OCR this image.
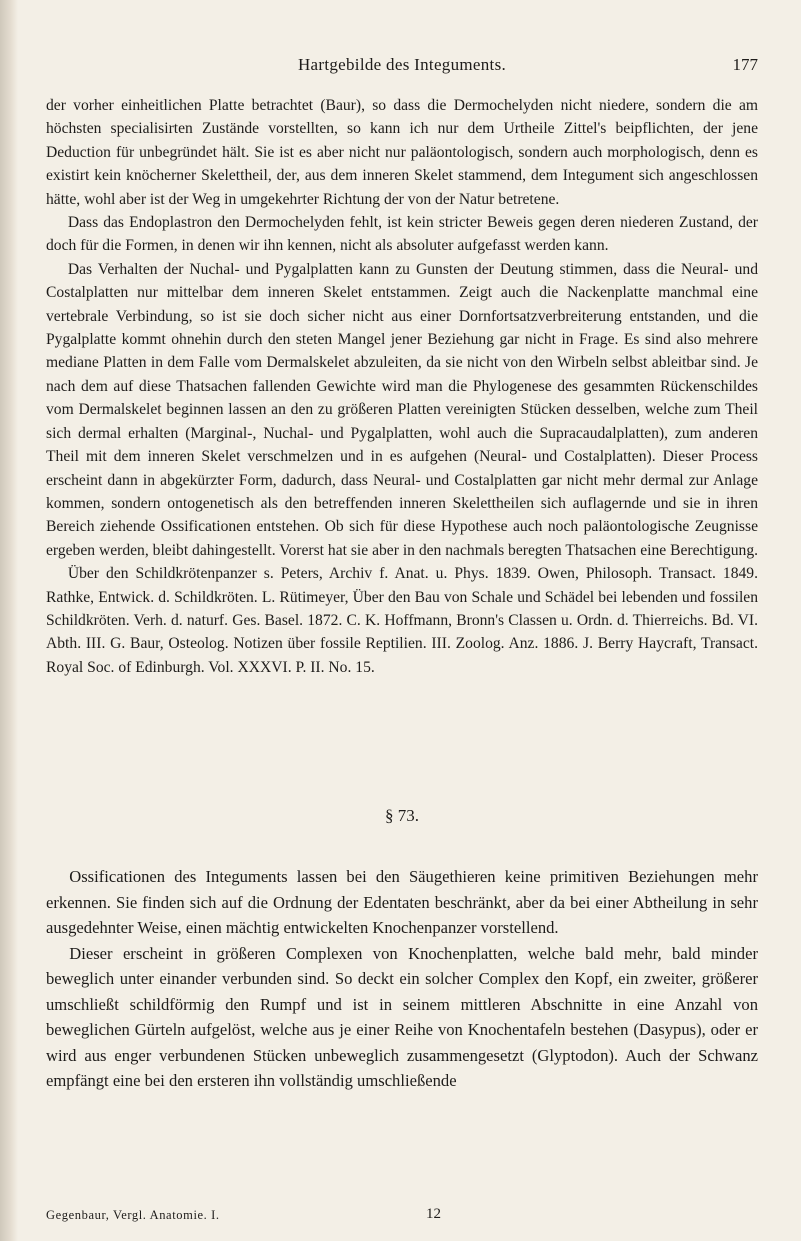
Hartgebilde des Integuments.	177

der vorher einheitlichen Platte betrachtet (Baur), so dass die Dermochelyden nicht niedere, sondern die am höchsten specialisirten Zustände vorstellten, so kann ich nur dem Urtheile Zittel's beipflichten, der jene Deduction für unbegründet hält. Sie ist es aber nicht nur paläontologisch, sondern auch morphologisch, denn es existirt kein knöcherner Skelettheil, der, aus dem inneren Skelet stammend, dem Integument sich angeschlossen hätte, wohl aber ist der Weg in umgekehrter Richtung der von der Natur betretene.

Dass das Endoplastron den Dermochelyden fehlt, ist kein stricter Beweis gegen deren niederen Zustand, der doch für die Formen, in denen wir ihn kennen, nicht als absoluter aufgefasst werden kann.

Das Verhalten der Nuchal- und Pygalplatten kann zu Gunsten der Deutung stimmen, dass die Neural- und Costalplatten nur mittelbar dem inneren Skelet entstammen. Zeigt auch die Nackenplatte manchmal eine vertebrale Verbindung, so ist sie doch sicher nicht aus einer Dornfortsatzverbreiterung entstanden, und die Pygalplatte kommt ohnehin durch den steten Mangel jener Beziehung gar nicht in Frage. Es sind also mehrere mediane Platten in dem Falle vom Dermalskelet abzuleiten, da sie nicht von den Wirbeln selbst ableitbar sind. Je nach dem auf diese Thatsachen fallenden Gewichte wird man die Phylogenese des gesammten Rückenschildes vom Dermalskelet beginnen lassen an den zu größeren Platten vereinigten Stücken desselben, welche zum Theil sich dermal erhalten (Marginal-, Nuchal- und Pygalplatten, wohl auch die Supracaudalplatten), zum anderen Theil mit dem inneren Skelet verschmelzen und in es aufgehen (Neural- und Costalplatten). Dieser Process erscheint dann in abgekürzter Form, dadurch, dass Neural- und Costalplatten gar nicht mehr dermal zur Anlage kommen, sondern ontogenetisch als den betreffenden inneren Skelettheilen sich auflagernde und sie in ihren Bereich ziehende Ossificationen entstehen. Ob sich für diese Hypothese auch noch paläontologische Zeugnisse ergeben werden, bleibt dahingestellt. Vorerst hat sie aber in den nachmals beregten Thatsachen eine Berechtigung.

Über den Schildkrötenpanzer s. Peters, Archiv f. Anat. u. Phys. 1839. Owen, Philosoph. Transact. 1849. Rathke, Entwick. d. Schildkröten. L. Rütimeyer, Über den Bau von Schale und Schädel bei lebenden und fossilen Schildkröten. Verh. d. naturf. Ges. Basel. 1872. C. K. Hoffmann, Bronn's Classen u. Ordn. d. Thierreichs. Bd. VI. Abth. III. G. Baur, Osteolog. Notizen über fossile Reptilien. III. Zoolog. Anz. 1886. J. Berry Haycraft, Transact. Royal Soc. of Edinburgh. Vol. XXXVI. P. II. No. 15.

§ 73.

Ossificationen des Integuments lassen bei den Säugethieren keine primitiven Beziehungen mehr erkennen. Sie finden sich auf die Ordnung der Edentaten beschränkt, aber da bei einer Abtheilung in sehr ausgedehnter Weise, einen mächtig entwickelten Knochenpanzer vorstellend.

Dieser erscheint in größeren Complexen von Knochenplatten, welche bald mehr, bald minder beweglich unter einander verbunden sind. So deckt ein solcher Complex den Kopf, ein zweiter, größerer umschließt schildförmig den Rumpf und ist in seinem mittleren Abschnitte in eine Anzahl von beweglichen Gürteln aufgelöst, welche aus je einer Reihe von Knochentafeln bestehen (Dasypus), oder er wird aus enger verbundenen Stücken unbeweglich zusammengesetzt (Glyptodon). Auch der Schwanz empfängt eine bei den ersteren ihn vollständig umschließende

Gegenbaur, Vergl. Anatomie. I.	12
